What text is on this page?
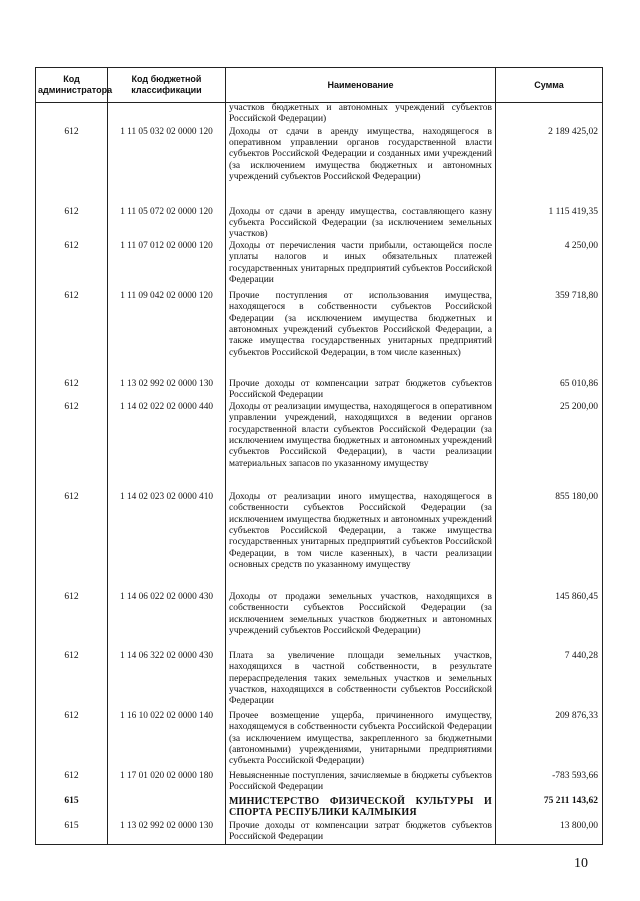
Код администратора	Код бюджетной классификации	Наименование	Сумма
		участков бюджетных и автономных учреждений субъектов Российской Федерации)	
612	1 11 05 032 02 0000 120	Доходы от сдачи в аренду имущества, находящегося в оперативном управлении органов государственной власти субъектов Российской Федерации и созданных ими учреждений (за исключением имущества бюджетных и автономных учреждений субъектов Российской Федерации)	2 189 425,02
612	1 11 05 072 02 0000 120	Доходы от сдачи в аренду имущества, составляющего казну субъекта Российской Федерации (за исключением земельных участков)	1 115 419,35
612	1 11 07 012 02 0000 120	Доходы от перечисления части прибыли, остающейся после уплаты налогов и иных обязательных платежей государственных унитарных предприятий субъектов Российской Федерации	4 250,00
612	1 11 09 042 02 0000 120	Прочие поступления от использования имущества, находящегося в собственности субъектов Российской Федерации (за исключением имущества бюджетных и автономных учреждений субъектов Российской Федерации, а также имущества государственных унитарных предприятий субъектов Российской Федерации, в том числе казенных)	359 718,80
612	1 13 02 992 02 0000 130	Прочие доходы от компенсации затрат бюджетов субъектов Российской Федерации	65 010,86
612	1 14 02 022 02 0000 440	Доходы от реализации имущества, находящегося в оперативном управлении учреждений, находящихся в ведении органов государственной власти субъектов Российской Федерации (за исключением имущества бюджетных и автономных учреждений субъектов Российской Федерации), в части реализации материальных запасов по указанному имуществу	25 200,00
612	1 14 02 023 02 0000 410	Доходы от реализации иного имущества, находящегося в собственности субъектов Российской Федерации (за исключением имущества бюджетных и автономных учреждений субъектов Российской Федерации, а также имущества государственных унитарных предприятий субъектов Российской Федерации, в том числе казенных), в части реализации основных средств по указанному имуществу	855 180,00
612	1 14 06 022 02 0000 430	Доходы от продажи земельных участков, находящихся в собственности субъектов Российской Федерации (за исключением земельных участков бюджетных и автономных учреждений субъектов Российской Федерации)	145 860,45
612	1 14 06 322 02 0000 430	Плата за увеличение площади земельных участков, находящихся в частной собственности, в результате перераспределения таких земельных участков и земельных участков, находящихся в собственности субъектов Российской Федерации	7 440,28
612	1 16 10 022 02 0000 140	Прочее возмещение ущерба, причиненного имуществу, находящемуся в собственности субъекта Российской Федерации (за исключением имущества, закрепленного за бюджетными (автономными) учреждениями, унитарными предприятиями субъекта Российской Федерации)	209 876,33
612	1 17 01 020 02 0000 180	Невыясненные поступления, зачисляемые в бюджеты субъектов Российской Федерации	-783 593,66
615		МИНИСТЕРСТВО ФИЗИЧЕСКОЙ КУЛЬТУРЫ И СПОРТА РЕСПУБЛИКИ КАЛМЫКИЯ	75 211 143,62
615	1 13 02 992 02 0000 130	Прочие доходы от компенсации затрат бюджетов субъектов Российской Федерации	13 800,00
10
